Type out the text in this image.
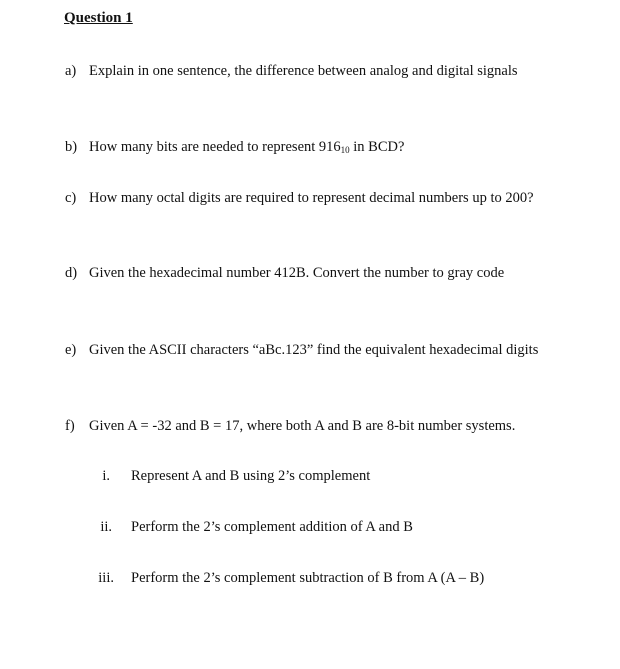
Question 1
a) Explain in one sentence, the difference between analog and digital signals
b) How many bits are needed to represent $916_{10}$ in BCD?
c) How many octal digits are required to represent decimal numbers up to 200?
d) Given the hexadecimal number 412B. Convert the number to gray code
e) Given the ASCII characters “aBc.123” find the equivalent hexadecimal digits
f) Given A = -32 and B = 17, where both A and B are 8-bit number systems.
i. Represent A and B using 2’s complement
ii. Perform the 2’s complement addition of A and B
iii. Perform the 2’s complement subtraction of B from A (A – B)
